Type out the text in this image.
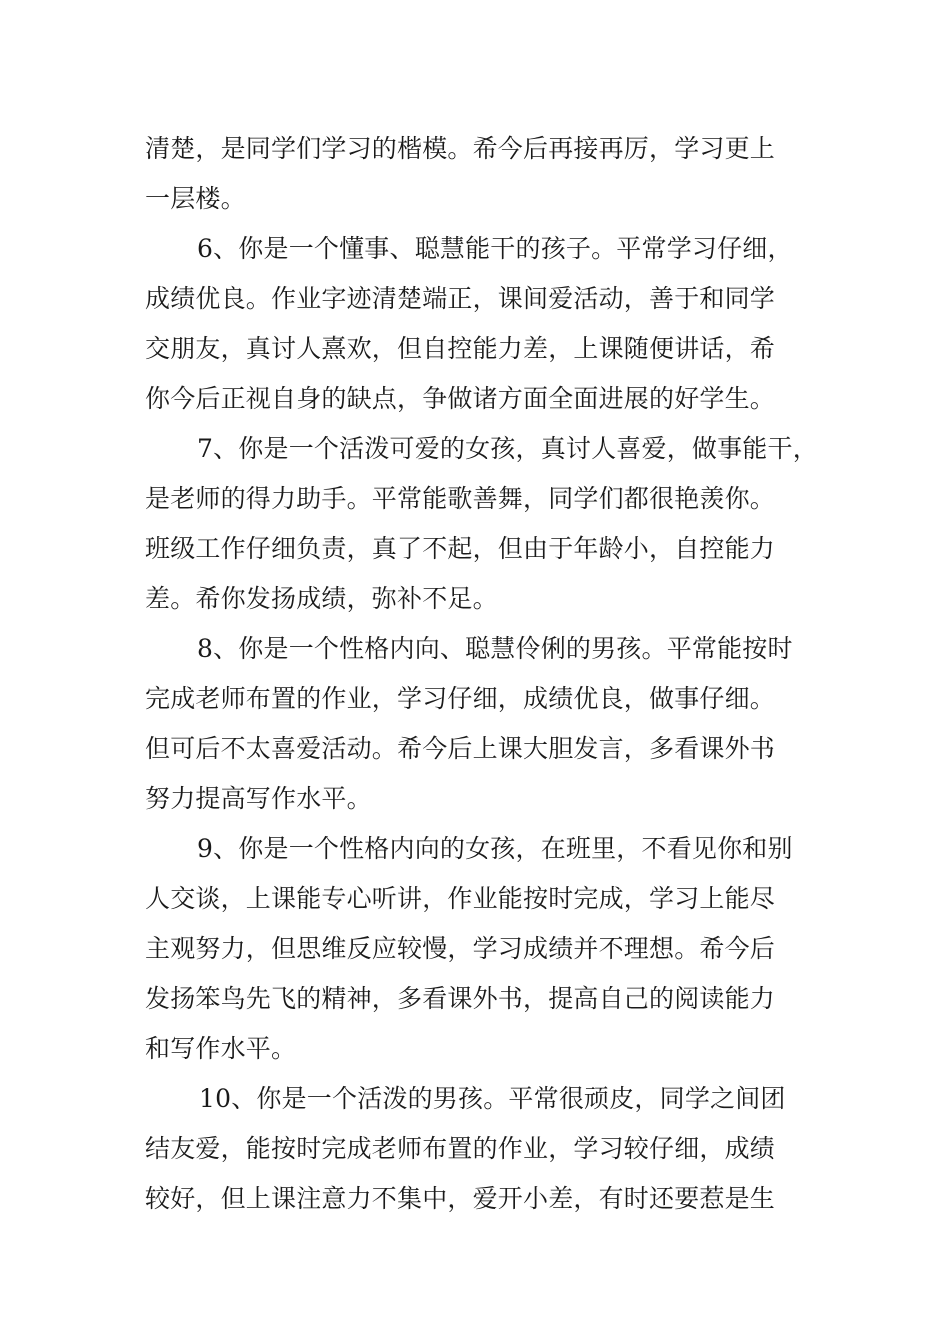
清楚，是同学们学习的楷模。希今后再接再厉，学习更上

一层楼。

6、你是一个懂事、聪慧能干的孩子。平常学习仔细，

成绩优良。作业字迹清楚端正，课间爱活动，善于和同学

交朋友，真讨人熹欢，但自控能力差，上课随便讲话，希

你今后正视自身的缺点，争做诸方面全面进展的好学生。

7、你是一个活泼可爱的女孩，真讨人喜爱，做事能干，

是老师的得力助手。平常能歌善舞，同学们都很艳羡你。

班级工作仔细负责，真了不起，但由于年龄小，自控能力

差。希你发扬成绩，弥补不足。

8、你是一个性格内向、聪慧伶俐的男孩。平常能按时

完成老师布置的作业，学习仔细，成绩优良，做事仔细。

但可后不太喜爱活动。希今后上课大胆发言，多看课外书

努力提高写作水平。

9、你是一个性格内向的女孩，在班里，不看见你和别

人交谈，上课能专心听讲，作业能按时完成，学习上能尽

主观努力，但思维反应较慢，学习成绩并不理想。希今后

发扬笨鸟先飞的精神，多看课外书，提高自己的阅读能力

和写作水平。

10、你是一个活泼的男孩。平常很顽皮，同学之间团

结友爱，能按时完成老师布置的作业，学习较仔细，成绩

较好，但上课注意力不集中，爱开小差，有时还要惹是生
